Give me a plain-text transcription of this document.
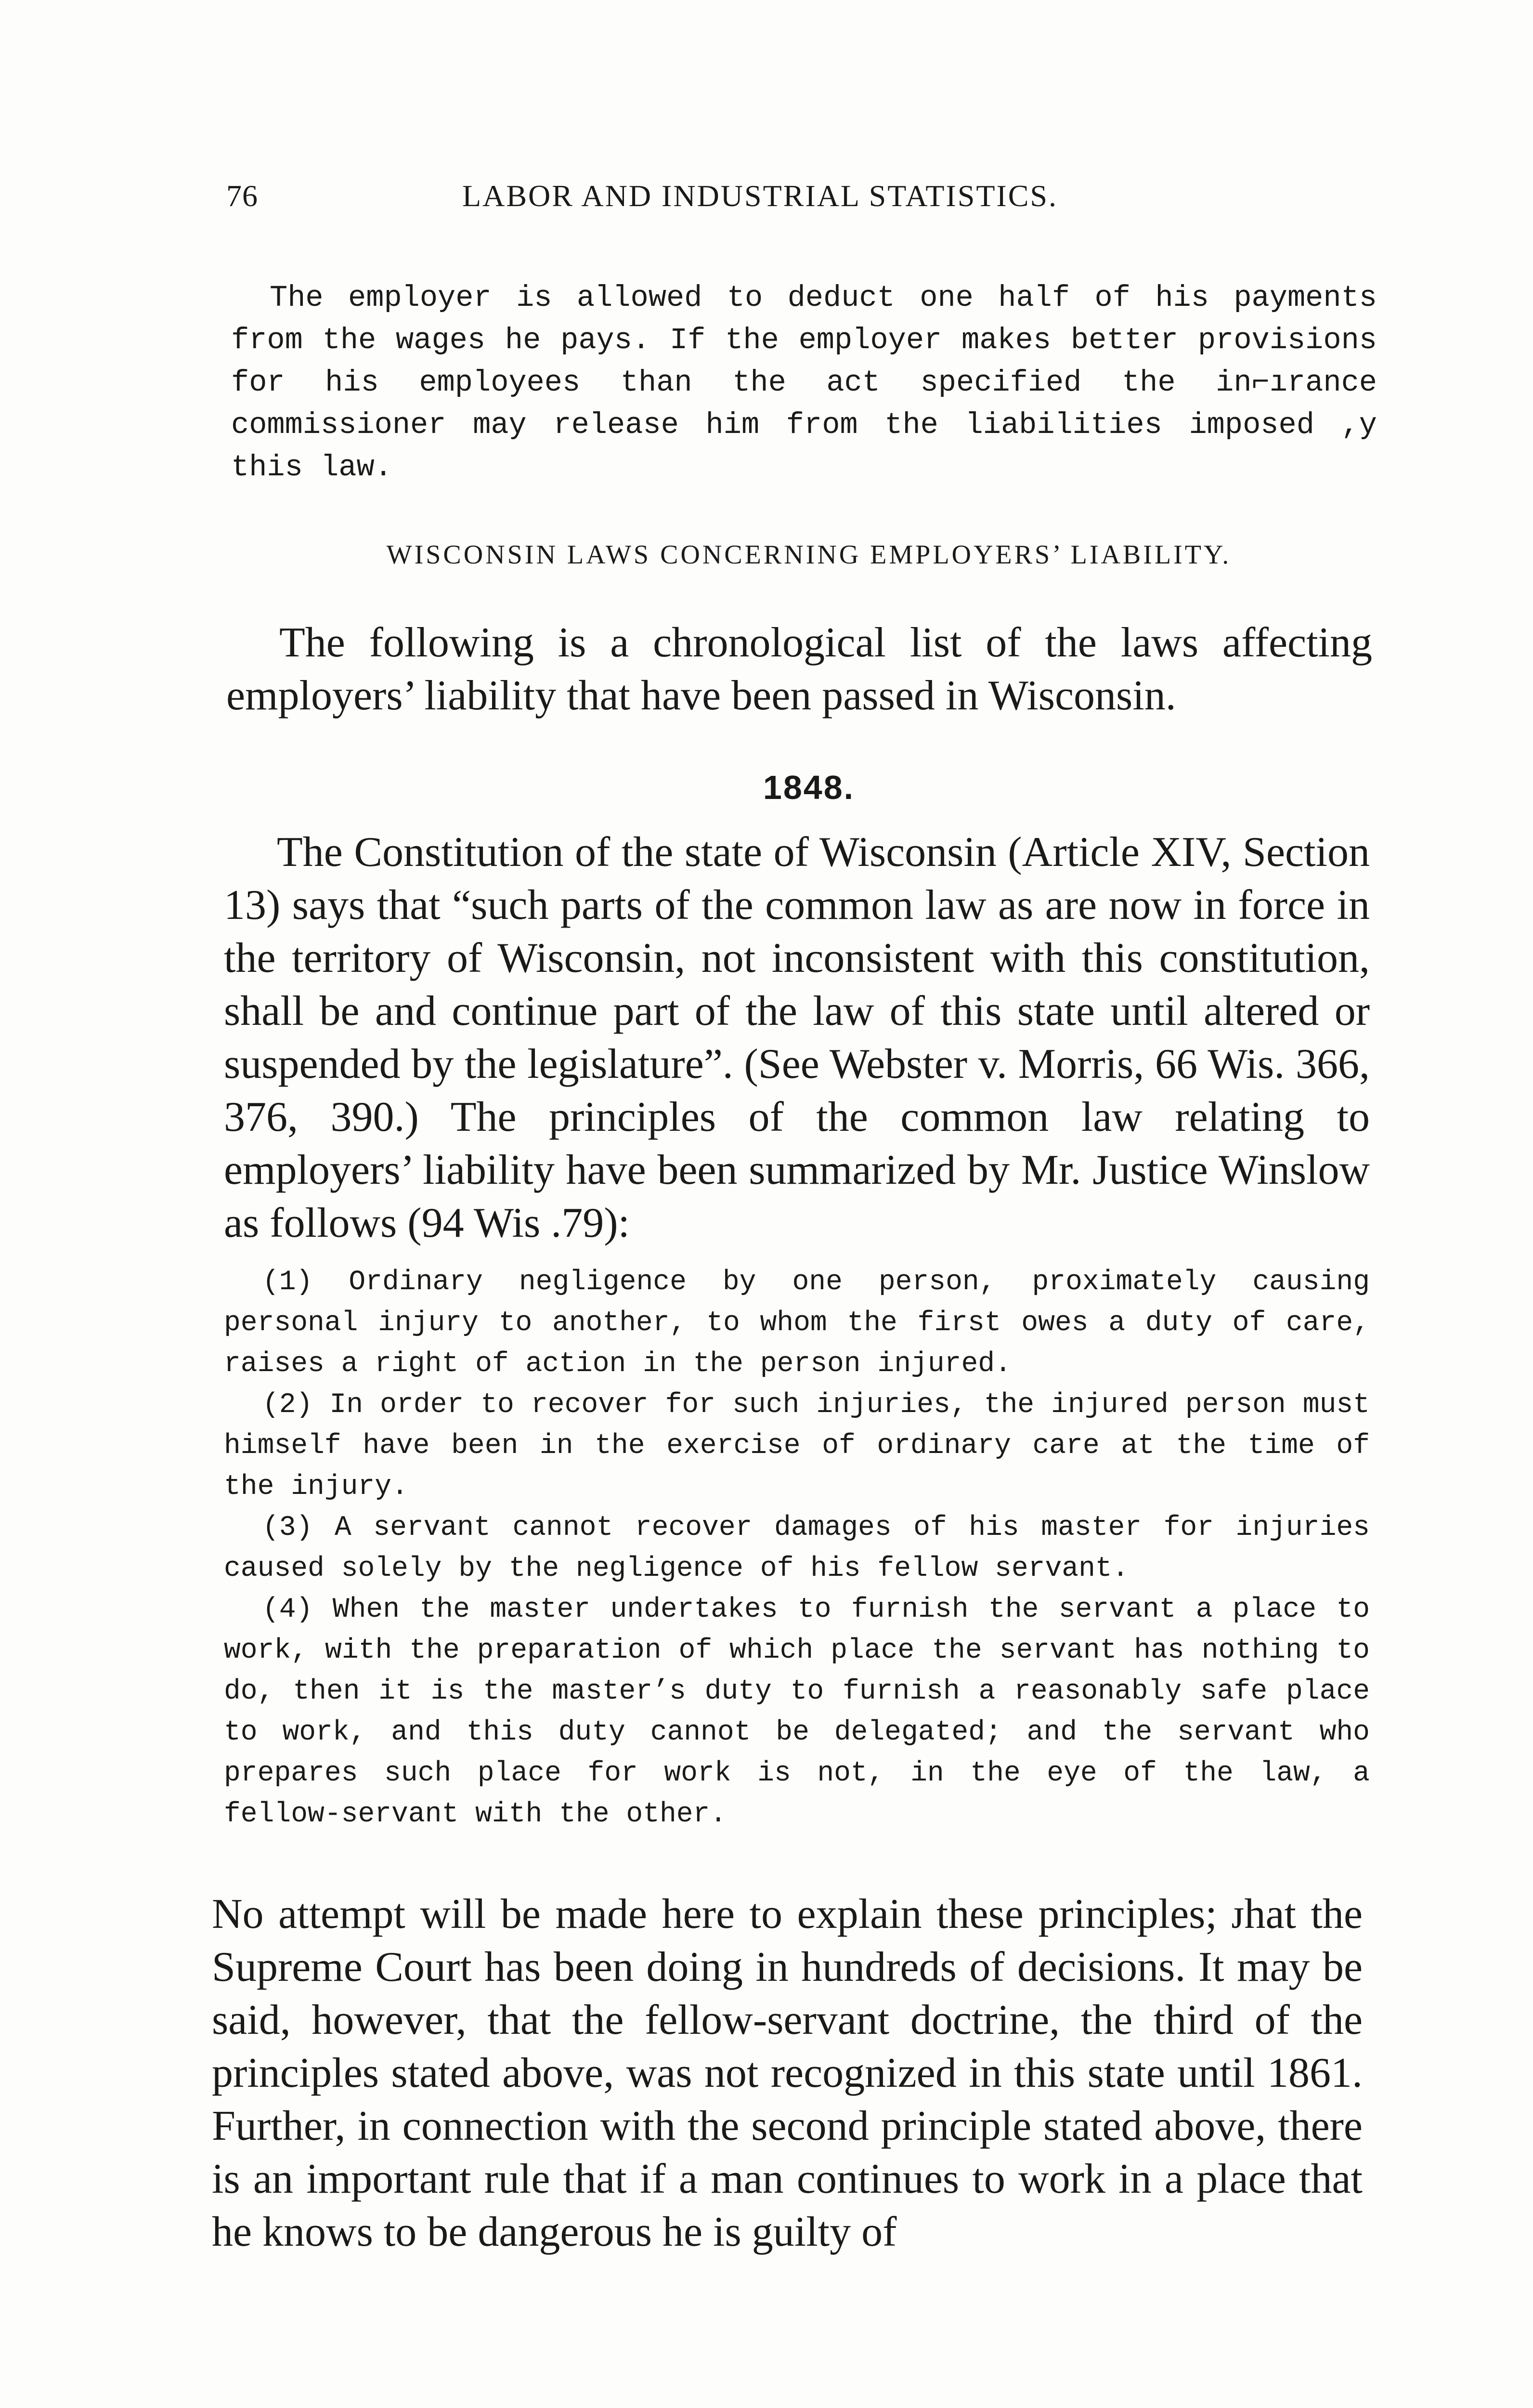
76	LABOR AND INDUSTRIAL STATISTICS.

The employer is allowed to deduct one half of his payments from the wages he pays. If the employer makes better provisions for his employees than the act specified the in⌐ırance commissioner may release him from the liabilities imposed ,y this law.

WISCONSIN LAWS CONCERNING EMPLOYERS’ LIABILITY.

The following is a chronological list of the laws affecting employers’ liability that have been passed in Wisconsin.

1848.

The Constitution of the state of Wisconsin (Article XIV, Section 13) says that “such parts of the common law as are now in force in the territory of Wisconsin, not inconsistent with this constitution, shall be and continue part of the law of this state until altered or suspended by the legislature”. (See Webster v. Morris, 66 Wis. 366, 376, 390.) The principles of the common law relating to employers’ liability have been summarized by Mr. Justice Winslow as follows (94 Wis .79):

(1) Ordinary negligence by one person, proximately causing personal injury to another, to whom the first owes a duty of care, raises a right of action in the person injured.

(2) In order to recover for such injuries, the injured person must himself have been in the exercise of ordinary care at the time of the injury.

(3) A servant cannot recover damages of his master for injuries caused solely by the negligence of his fellow servant.

(4) When the master undertakes to furnish the servant a place to work, with the preparation of which place the servant has nothing to do, then it is the master’s duty to furnish a reasonably safe place to work, and this duty cannot be delegated; and the servant who prepares such place for work is not, in the eye of the law, a fellow-servant with the other.

No attempt will be made here to explain these principles; ᴊhat the Supreme Court has been doing in hundreds of decisions. It may be said, however, that the fellow-servant doctrine, the third of the principles stated above, was not recognized in this state until 1861. Further, in connection with the second principle stated above, there is an important rule that if a man continues to work in a place that he knows to be dangerous he is guilty of
